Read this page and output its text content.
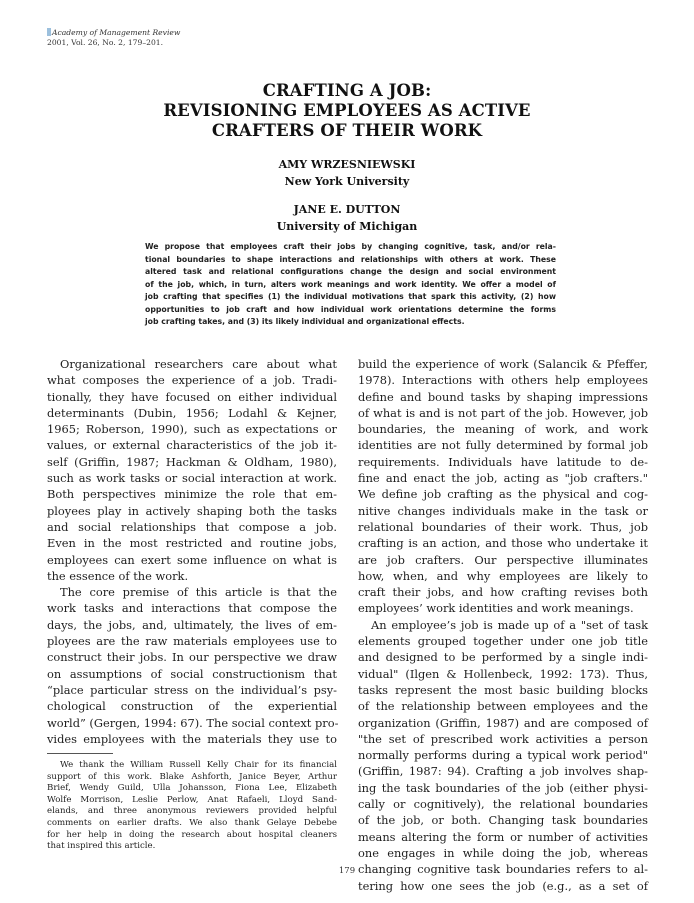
Academy of Management Review
2001, Vol. 26, No. 2, 179–201.
CRAFTING A JOB:
REVISIONING EMPLOYEES AS ACTIVE
CRAFTERS OF THEIR WORK
AMY WRZESNIEWSKI
New York University
JANE E. DUTTON
University of Michigan
We propose that employees craft their jobs by changing cognitive, task, and/or rela-
tional boundaries to shape interactions and relationships with others at work. These
altered task and relational configurations change the design and social environment
of the job, which, in turn, alters work meanings and work identity. We offer a model of
job crafting that specifies (1) the individual motivations that spark this activity, (2) how
opportunities to job craft and how individual work orientations determine the forms
job crafting takes, and (3) its likely individual and organizational effects.
Organizational researchers care about what
what composes the experience of a job. Tradi-
tionally, they have focused on either individual
determinants (Dubin, 1956; Lodahl & Kejner,
1965; Roberson, 1990), such as expectations or
values, or external characteristics of the job it-
self (Griffin, 1987; Hackman & Oldham, 1980),
such as work tasks or social interaction at work.
Both perspectives minimize the role that em-
ployees play in actively shaping both the tasks
and social relationships that compose a job.
Even in the most restricted and routine jobs,
employees can exert some influence on what is
the essence of the work.
The core premise of this article is that the
work tasks and interactions that compose the
days, the jobs, and, ultimately, the lives of em-
ployees are the raw materials employees use to
construct their jobs. In our perspective we draw
on assumptions of social constructionism that
“place particular stress on the individual’s psy-
chological construction of the experiential
world” (Gergen, 1994: 67). The social context pro-
vides employees with the materials they use to
build the experience of work (Salancik & Pfeffer,
1978). Interactions with others help employees
define and bound tasks by shaping impressions
of what is and is not part of the job. However, job
boundaries, the meaning of work, and work
identities are not fully determined by formal job
requirements. Individuals have latitude to de-
fine and enact the job, acting as "job crafters."
We define job crafting as the physical and cog-
nitive changes individuals make in the task or
relational boundaries of their work. Thus, job
crafting is an action, and those who undertake it
are job crafters. Our perspective illuminates
how, when, and why employees are likely to
craft their jobs, and how crafting revises both
employees’ work identities and work meanings.
An employee’s job is made up of a "set of task
elements grouped together under one job title
and designed to be performed by a single indi-
vidual" (Ilgen & Hollenbeck, 1992: 173). Thus,
tasks represent the most basic building blocks
of the relationship between employees and the
organization (Griffin, 1987) and are composed of
"the set of prescribed work activities a person
normally performs during a typical work period"
(Griffin, 1987: 94). Crafting a job involves shap-
ing the task boundaries of the job (either physi-
cally or cognitively), the relational boundaries
of the job, or both. Changing task boundaries
means altering the form or number of activities
one engages in while doing the job, whereas
changing cognitive task boundaries refers to al-
tering how one sees the job (e.g., as a set of
We thank the William Russell Kelly Chair for its financial
support of this work. Blake Ashforth, Janice Beyer, Arthur
Brief, Wendy Guild, Ulla Johansson, Fiona Lee, Elizabeth
Wolfe Morrison, Leslie Perlow, Anat Rafaeli, Lloyd Sand-
elands, and three anonymous reviewers provided helpful
comments on earlier drafts. We also thank Gelaye Debebe
for her help in doing the research about hospital cleaners
that inspired this article.
179
